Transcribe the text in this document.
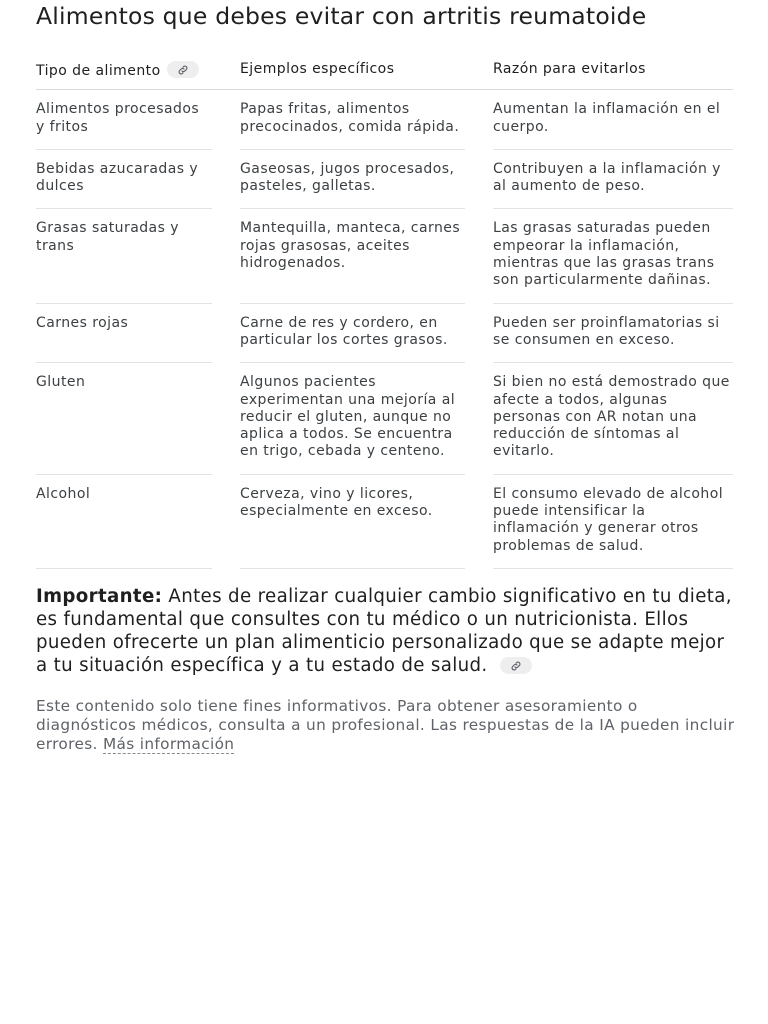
Alimentos que debes evitar con artritis reumatoide
Tipo de alimento		Ejemplos específicos		Razón para evitarlos
Alimentos procesados y fritos		Papas fritas, alimentos precocinados, comida rápida.		Aumentan la inflamación en el cuerpo.
Bebidas azucaradas y dulces		Gaseosas, jugos procesados, pasteles, galletas.		Contribuyen a la inflamación y al aumento de peso.
Grasas saturadas y trans		Mantequilla, manteca, carnes rojas grasosas, aceites hidrogenados.		Las grasas saturadas pueden empeorar la inflamación, mientras que las grasas trans son particularmente dañinas.
Carnes rojas		Carne de res y cordero, en particular los cortes grasos.		Pueden ser proinflamatorias si se consumen en exceso.
Gluten		Algunos pacientes experimentan una mejoría al reducir el gluten, aunque no aplica a todos. Se encuentra en trigo, cebada y centeno.		Si bien no está demostrado que afecte a todos, algunas personas con AR notan una reducción de síntomas al evitarlo.
Alcohol		Cerveza, vino y licores, especialmente en exceso.		El consumo elevado de alcohol puede intensificar la inflamación y generar otros problemas de salud.

Importante: Antes de realizar cualquier cambio significativo en tu dieta, es fundamental que consultes con tu médico o un nutricionista. Ellos pueden ofrecerte un plan alimenticio personalizado que se adapte mejor a tu situación específica y a tu estado de salud.

Este contenido solo tiene fines informativos. Para obtener asesoramiento o diagnósticos médicos, consulta a un profesional. Las respuestas de la IA pueden incluir errores. Más información
